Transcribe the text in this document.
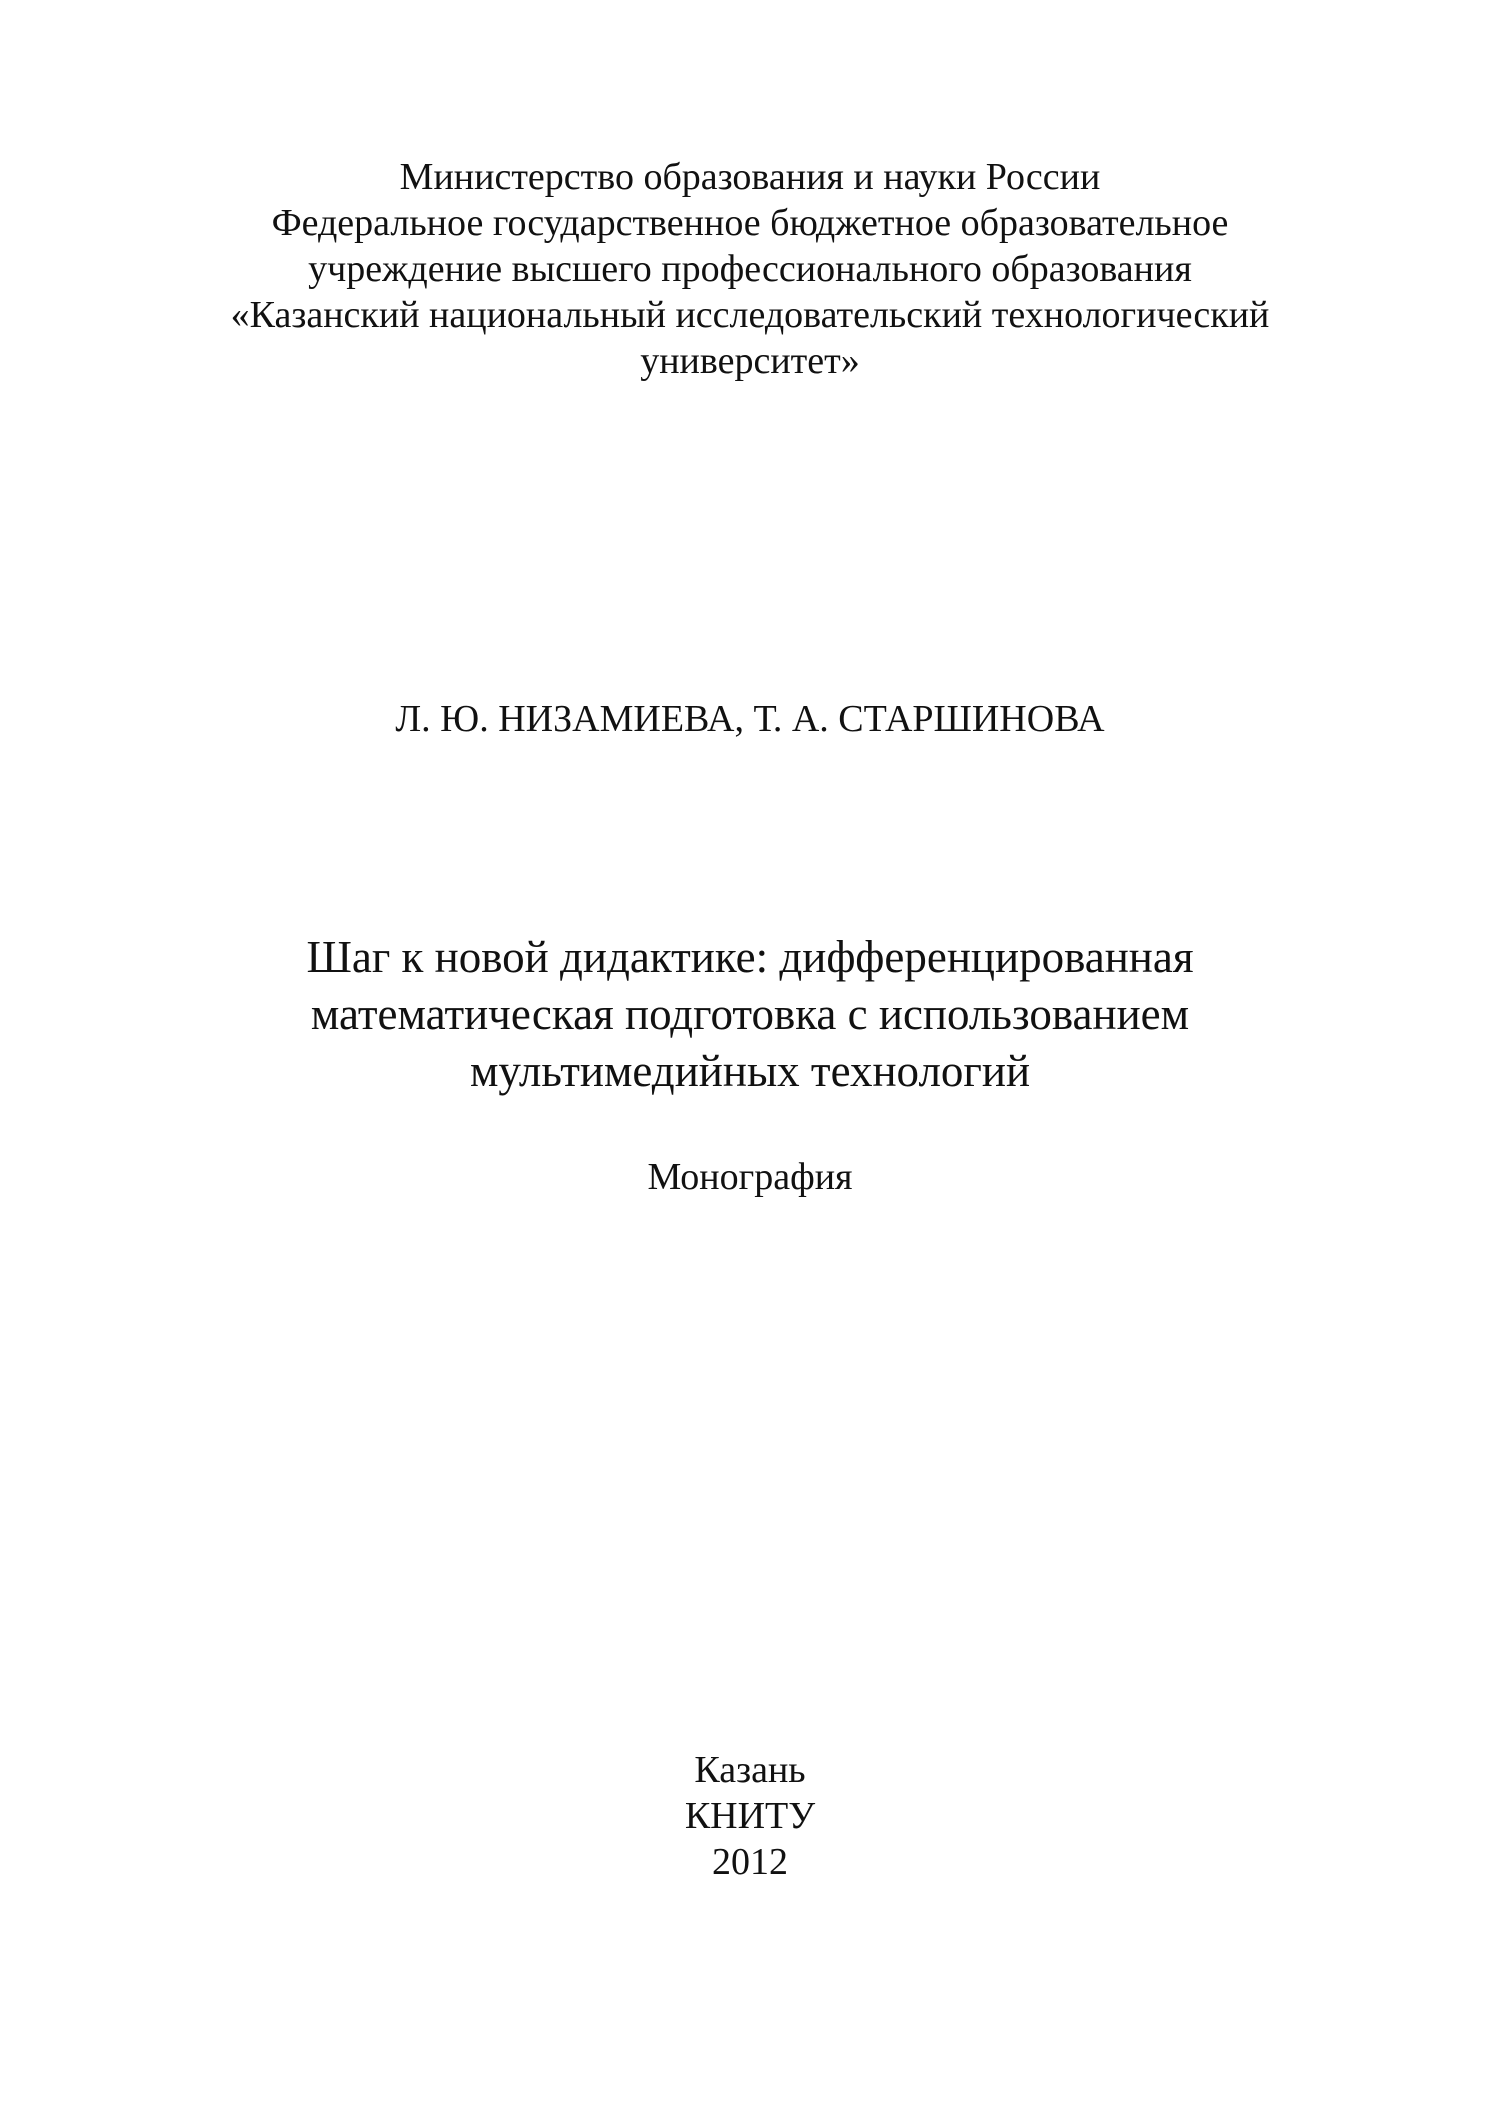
Министерство образования и науки России
Федеральное государственное бюджетное образовательное
учреждение высшего профессионального образования
«Казанский национальный исследовательский технологический
университет»
Л. Ю. НИЗАМИЕВА, Т. А. СТАРШИНОВА
Шаг к новой дидактике: дифференцированная
математическая подготовка с использованием
мультимедийных технологий
Монография
Казань
КНИТУ
2012
